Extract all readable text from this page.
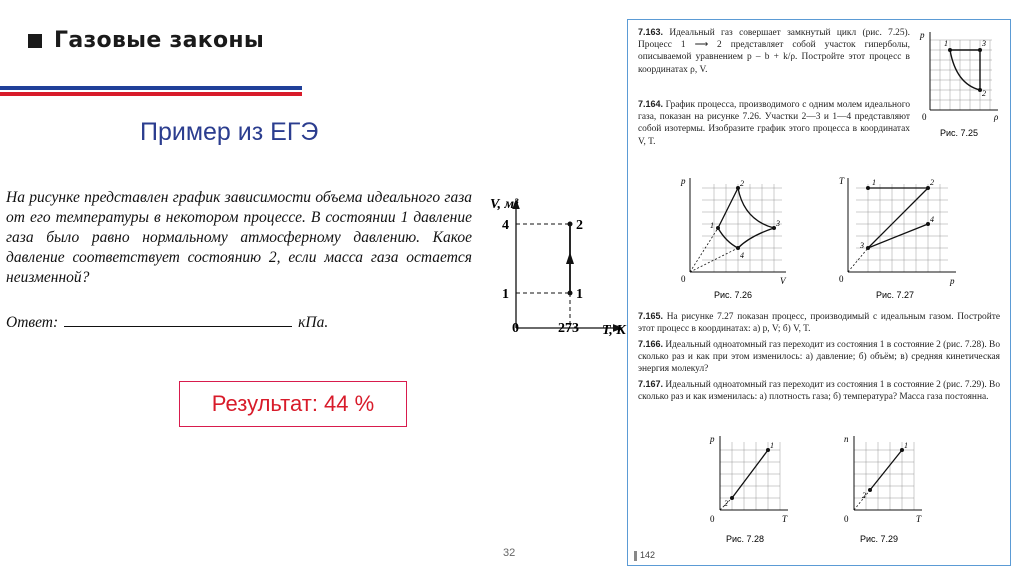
Газовые законы
Пример из ЕГЭ
На рисунке представлен график зависимости объема идеального газа от его температуры в некотором процессе. В состоянии 1 давление газа было равно нормальному атмосферному давлению. Какое давление соответствует состоянию 2, если масса газа остается неизменной?
Ответ:	кПа.
Результат: 44 %
32
V, м³
T, К
4
1
0	273
2
1
7.163. Идеальный газ совершает замкнутый цикл (рис. 7.25). Процесс 1 ⟶ 2 представляет собой участок гиперболы, описываемой уравнением p – b + k/ρ. Постройте этот процесс в координатах ρ, V.
p
ρ
0
1	3
2
Рис. 7.25
7.164. График процесса, производимого с одним молем идеального газа, показан на рисунке 7.26. Участки 2—3 и 1—4 представляют собой изотермы. Изобразите график этого процесса в координатах V, T.
p
V
0
1
2
3
4
Рис. 7.26
T
p
0
1	2
3
4
Рис. 7.27
7.165. На рисунке 7.27 показан процесс, производимый с идеальным газом. Постройте этот процесс в координатах: а) p, V; б) V, T.
7.166. Идеальный одноатомный газ переходит из состояния 1 в состояние 2 (рис. 7.28). Во сколько раз и как при этом изменилось: а) давление; б) объём; в) средняя кинетическая энергия молекул?
7.167. Идеальный одноатомный газ переходит из состояния 1 в состояние 2 (рис. 7.29). Во сколько раз и как изменилась: а) плотность газа; б) температура? Масса газа постоянна.
p
T
0
1
2
Рис. 7.28
n
T
0
1
2
Рис. 7.29
142
